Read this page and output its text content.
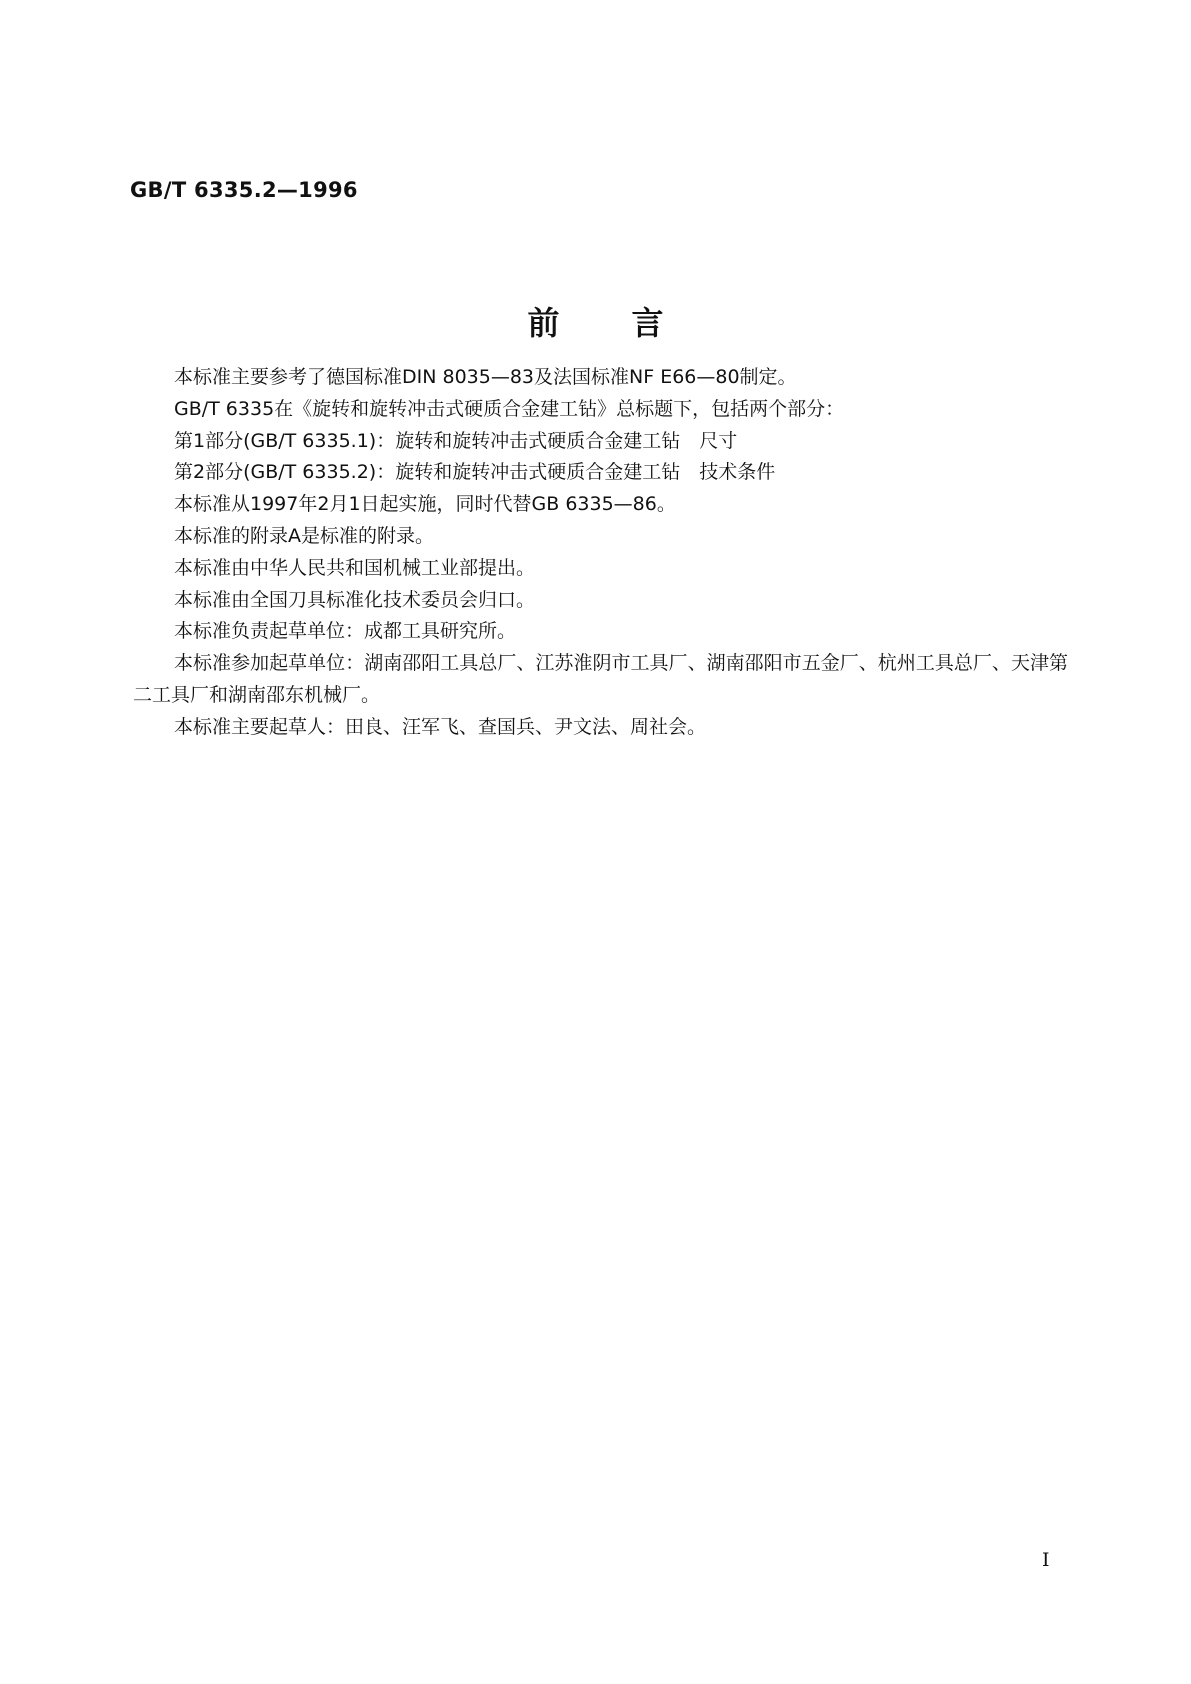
GB/T 6335.2—1996
前言

本标准主要参考了德国标准DIN 8035—83及法国标准NF E66—80制定。

GB/T 6335在《旋转和旋转冲击式硬质合金建工钻》总标题下，包括两个部分：

第1部分(GB/T 6335.1)：旋转和旋转冲击式硬质合金建工钻　尺寸

第2部分(GB/T 6335.2)：旋转和旋转冲击式硬质合金建工钻　技术条件

本标准从1997年2月1日起实施，同时代替GB 6335—86。

本标准的附录A是标准的附录。

本标准由中华人民共和国机械工业部提出。

本标准由全国刀具标准化技术委员会归口。

本标准负责起草单位：成都工具研究所。

本标准参加起草单位：湖南邵阳工具总厂、江苏淮阴市工具厂、湖南邵阳市五金厂、杭州工具总厂、天津第二工具厂和湖南邵东机械厂。

本标准主要起草人：田良、汪军飞、查国兵、尹文法、周社会。

I
